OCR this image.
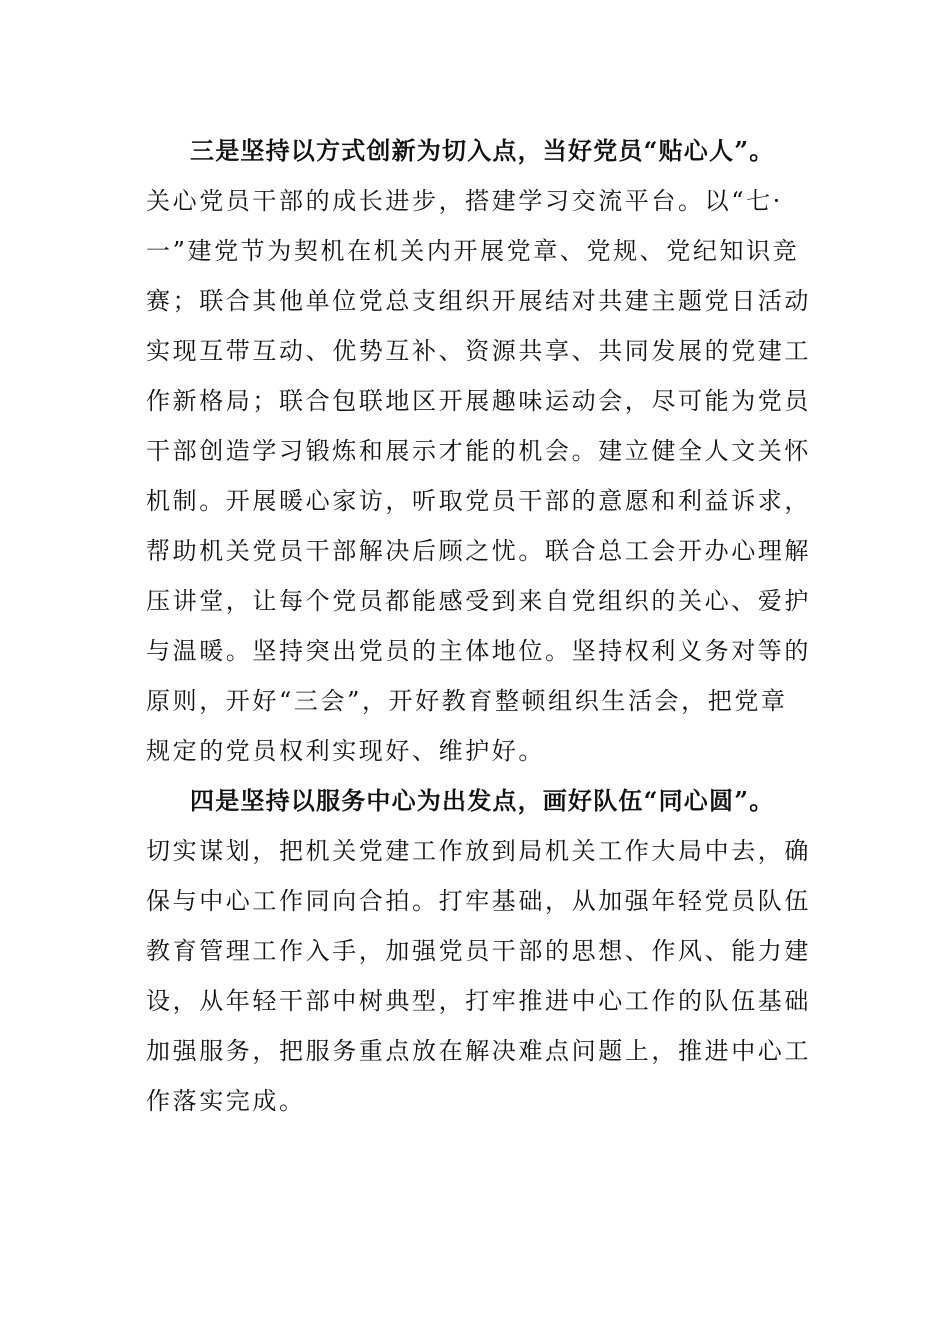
三是坚持以方式创新为切入点，当好党员“贴心人”。
关心党员干部的成长进步，搭建学习交流平台。以“七·
一”建党节为契机在机关内开展党章、党规、党纪知识竞
赛；联合其他单位党总支组织开展结对共建主题党日活动
实现互带互动、优势互补、资源共享、共同发展的党建工
作新格局；联合包联地区开展趣味运动会，尽可能为党员
干部创造学习锻炼和展示才能的机会。建立健全人文关怀
机制。开展暖心家访，听取党员干部的意愿和利益诉求，
帮助机关党员干部解决后顾之忧。联合总工会开办心理解
压讲堂，让每个党员都能感受到来自党组织的关心、爱护
与温暖。坚持突出党员的主体地位。坚持权利义务对等的
原则，开好“三会”，开好教育整顿组织生活会，把党章
规定的党员权利实现好、维护好。
四是坚持以服务中心为出发点，画好队伍“同心圆”。
切实谋划，把机关党建工作放到局机关工作大局中去，确
保与中心工作同向合拍。打牢基础，从加强年轻党员队伍
教育管理工作入手，加强党员干部的思想、作风、能力建
设，从年轻干部中树典型，打牢推进中心工作的队伍基础
加强服务，把服务重点放在解决难点问题上，推进中心工
作落实完成。
